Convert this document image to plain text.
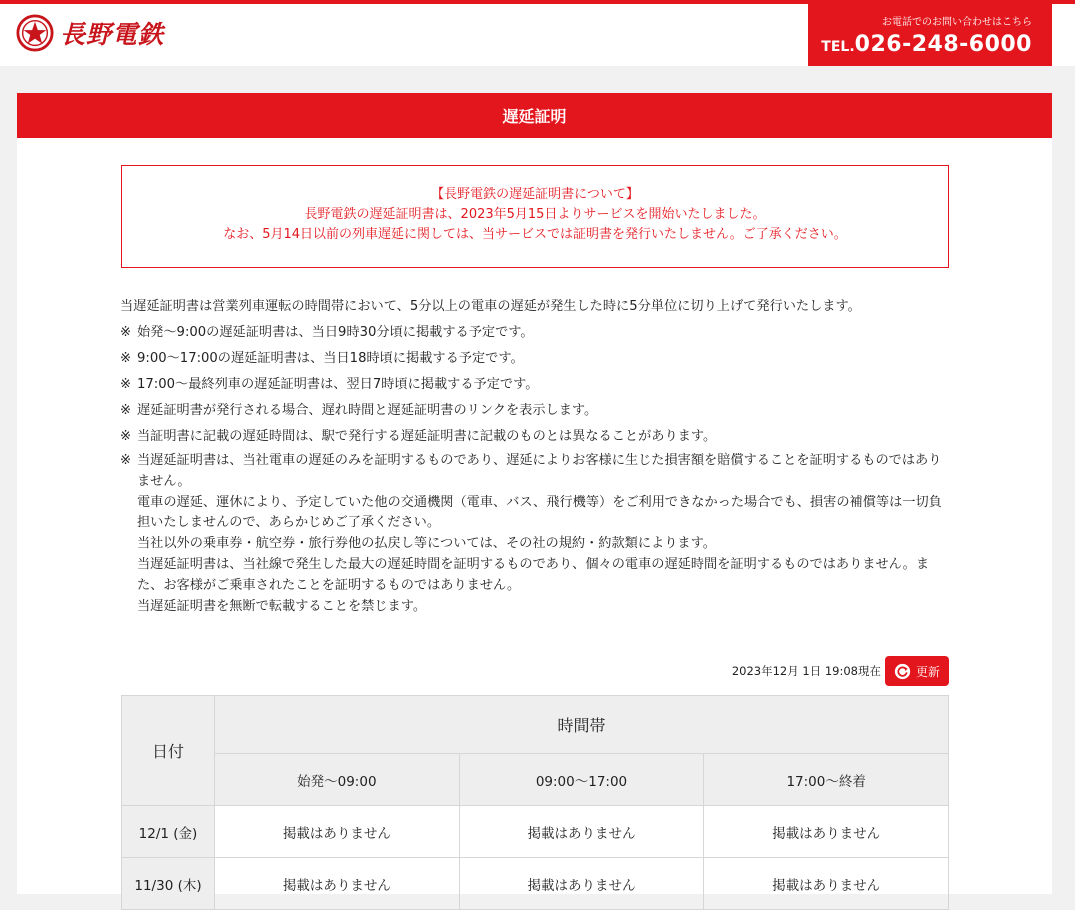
長野電鉄	お電話でのお問い合わせはこちら
TEL.026-248-6000
遅延証明
【長野電鉄の遅延証明書について】
長野電鉄の遅延証明書は、2023年5月15日よりサービスを開始いたしました。
なお、5月14日以前の列車遅延に関しては、当サービスでは証明書を発行いたしません。ご了承ください。
当遅延証明書は営業列車運転の時間帯において、5分以上の電車の遅延が発生した時に5分単位に切り上げて発行いたします。
※ 始発～9:00の遅延証明書は、当日9時30分頃に掲載する予定です。
※ 9:00～17:00の遅延証明書は、当日18時頃に掲載する予定です。
※ 17:00～最終列車の遅延証明書は、翌日7時頃に掲載する予定です。
※ 遅延証明書が発行される場合、遅れ時間と遅延証明書のリンクを表示します。
※ 当証明書に記載の遅延時間は、駅で発行する遅延証明書に記載のものとは異なることがあります。
※ 当遅延証明書は、当社電車の遅延のみを証明するものであり、遅延によりお客様に生じた損害額を賠償することを証明するものではありません。
電車の遅延、運休により、予定していた他の交通機関（電車、バス、飛行機等）をご利用できなかった場合でも、損害の補償等は一切負担いたしませんので、あらかじめご了承ください。
当社以外の乗車券・航空券・旅行券他の払戻し等については、その社の規約・約款類によります。
当遅延証明書は、当社線で発生した最大の遅延時間を証明するものであり、個々の電車の遅延時間を証明するものではありません。また、お客様がご乗車されたことを証明するものではありません。
当遅延証明書を無断で転載することを禁じます。
2023年12月 1日 19:08現在	更新
日付	時間帯		
	始発～09:00	09:00～17:00	17:00～終着
12/1 (金)	掲載はありません	掲載はありません	掲載はありません
11/30 (木)	掲載はありません	掲載はありません	掲載はありません
